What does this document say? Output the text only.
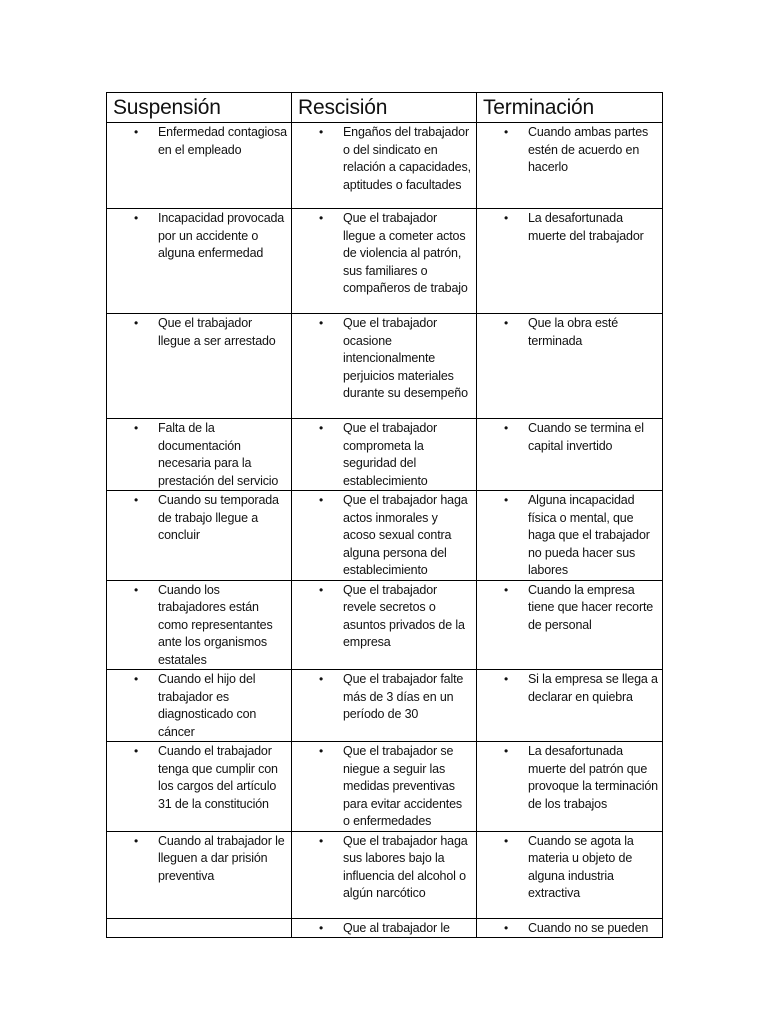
Suspensión	Rescisión	Terminación

• Enfermedad contagiosa en el empleado	• Engaños del trabajador o del sindicato en relación a capacidades, aptitudes o facultades	• Cuando ambas partes estén de acuerdo en hacerlo

• Incapacidad provocada por un accidente o alguna enfermedad	• Que el trabajador llegue a cometer actos de violencia al patrón, sus familiares o compañeros de trabajo	• La desafortunada muerte del trabajador

• Que el trabajador llegue a ser arrestado	• Que el trabajador ocasione intencionalmente perjuicios materiales durante su desempeño	• Que la obra esté terminada

• Falta de la documentación necesaria para la prestación del servicio	• Que el trabajador comprometa la seguridad del establecimiento	• Cuando se termina el capital invertido

• Cuando su temporada de trabajo llegue a concluir	• Que el trabajador haga actos inmorales y acoso sexual contra alguna persona del establecimiento	• Alguna incapacidad física o mental, que haga que el trabajador no pueda hacer sus labores

• Cuando los trabajadores están como representantes ante los organismos estatales	• Que el trabajador revele secretos o asuntos privados de la empresa	• Cuando la empresa tiene que hacer recorte de personal

• Cuando el hijo del trabajador es diagnosticado con cáncer	• Que el trabajador falte más de 3 días en un período de 30	• Si la empresa se llega a declarar en quiebra

• Cuando el trabajador tenga que cumplir con los cargos del artículo 31 de la constitución	• Que el trabajador se niegue a seguir las medidas preventivas para evitar accidentes o enfermedades	• La desafortunada muerte del patrón que provoque la terminación de los trabajos

• Cuando al trabajador le lleguen a dar prisión preventiva	• Que el trabajador haga sus labores bajo la influencia del alcohol o algún narcótico	• Cuando se agota la materia u objeto de alguna industria extractiva

	• Que al trabajador le	• Cuando no se pueden
